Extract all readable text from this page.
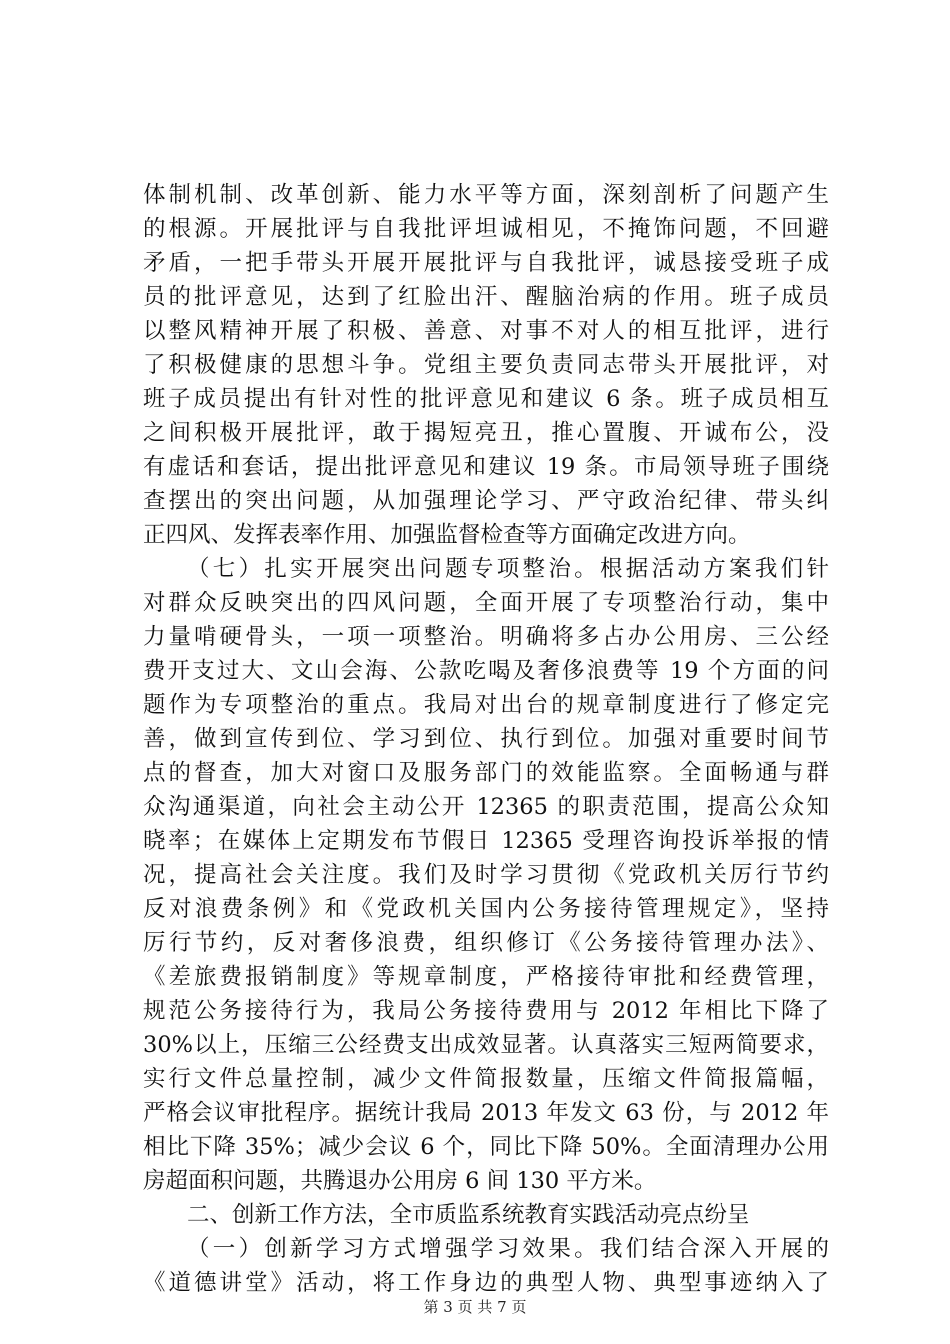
体制机制、改革创新、能力水平等方面，深刻剖析了问题产生
的根源。开展批评与自我批评坦诚相见，不掩饰问题，不回避
矛盾，一把手带头开展开展批评与自我批评，诚恳接受班子成
员的批评意见，达到了红脸出汗、醒脑治病的作用。班子成员
以整风精神开展了积极、善意、对事不对人的相互批评，进行
了积极健康的思想斗争。党组主要负责同志带头开展批评，对
班子成员提出有针对性的批评意见和建议 6 条。班子成员相互
之间积极开展批评，敢于揭短亮丑，推心置腹、开诚布公，没
有虚话和套话，提出批评意见和建议 19 条。市局领导班子围绕
查摆出的突出问题，从加强理论学习、严守政治纪律、带头纠
正四风、发挥表率作用、加强监督检查等方面确定改进方向。
（七）扎实开展突出问题专项整治。根据活动方案我们针
对群众反映突出的四风问题，全面开展了专项整治行动，集中
力量啃硬骨头，一项一项整治。明确将多占办公用房、三公经
费开支过大、文山会海、公款吃喝及奢侈浪费等 19 个方面的问
题作为专项整治的重点。我局对出台的规章制度进行了修定完
善，做到宣传到位、学习到位、执行到位。加强对重要时间节
点的督查，加大对窗口及服务部门的效能监察。全面畅通与群
众沟通渠道，向社会主动公开 12365 的职责范围，提高公众知
晓率；在媒体上定期发布节假日 12365 受理咨询投诉举报的情
况，提高社会关注度。我们及时学习贯彻《党政机关厉行节约
反对浪费条例》和《党政机关国内公务接待管理规定》，坚持
厉行节约，反对奢侈浪费，组织修订《公务接待管理办法》、
《差旅费报销制度》等规章制度，严格接待审批和经费管理，
规范公务接待行为，我局公务接待费用与 2012 年相比下降了
30%以上，压缩三公经费支出成效显著。认真落实三短两简要求，
实行文件总量控制，减少文件简报数量，压缩文件简报篇幅，
严格会议审批程序。据统计我局 2013 年发文 63 份，与 2012 年
相比下降 35%；减少会议 6 个，同比下降 50%。全面清理办公用
房超面积问题，共腾退办公用房 6 间 130 平方米。
二、创新工作方法，全市质监系统教育实践活动亮点纷呈
（一）创新学习方式增强学习效果。我们结合深入开展的
《道德讲堂》活动，将工作身边的典型人物、典型事迹纳入了
第 3 页 共 7 页
